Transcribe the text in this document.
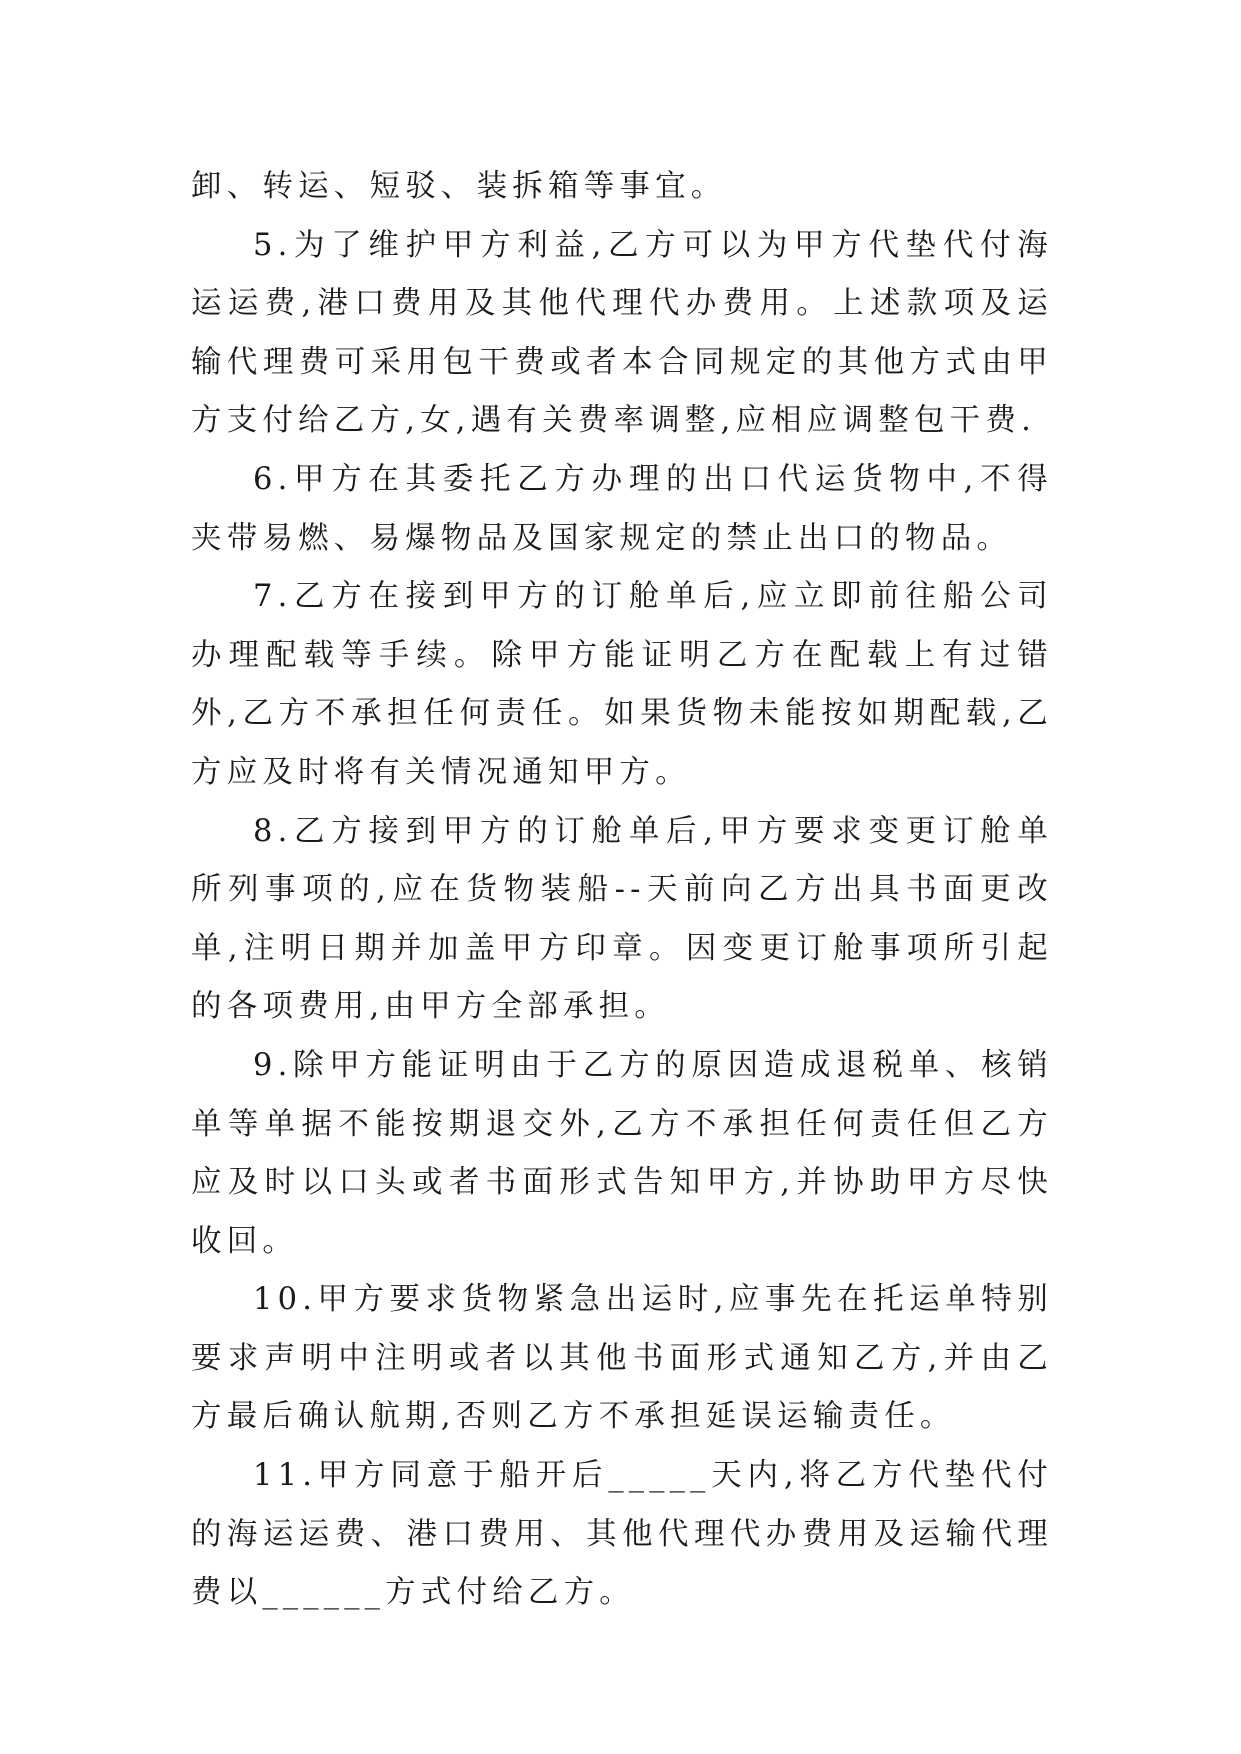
卸、转运、短驳、装拆箱等事宜。

5.为了维护甲方利益,乙方可以为甲方代垫代付海运运费,港口费用及其他代理代办费用。上述款项及运输代理费可采用包干费或者本合同规定的其他方式由甲方支付给乙方,女,遇有关费率调整,应相应调整包干费.

6.甲方在其委托乙方办理的出口代运货物中,不得夹带易燃、易爆物品及国家规定的禁止出口的物品。

7.乙方在接到甲方的订舱单后,应立即前往船公司办理配载等手续。除甲方能证明乙方在配载上有过错外,乙方不承担任何责任。如果货物未能按如期配载,乙方应及时将有关情况通知甲方。

8.乙方接到甲方的订舱单后,甲方要求变更订舱单所列事项的,应在货物装船--天前向乙方出具书面更改单,注明日期并加盖甲方印章。因变更订舱事项所引起的各项费用,由甲方全部承担。

9.除甲方能证明由于乙方的原因造成退税单、核销单等单据不能按期退交外,乙方不承担任何责任但乙方应及时以口头或者书面形式告知甲方,并协助甲方尽快收回。

10.甲方要求货物紧急出运时,应事先在托运单特别要求声明中注明或者以其他书面形式通知乙方,并由乙方最后确认航期,否则乙方不承担延误运输责任。

11.甲方同意于船开后_____天内,将乙方代垫代付的海运运费、港口费用、其他代理代办费用及运输代理费以______方式付给乙方。
